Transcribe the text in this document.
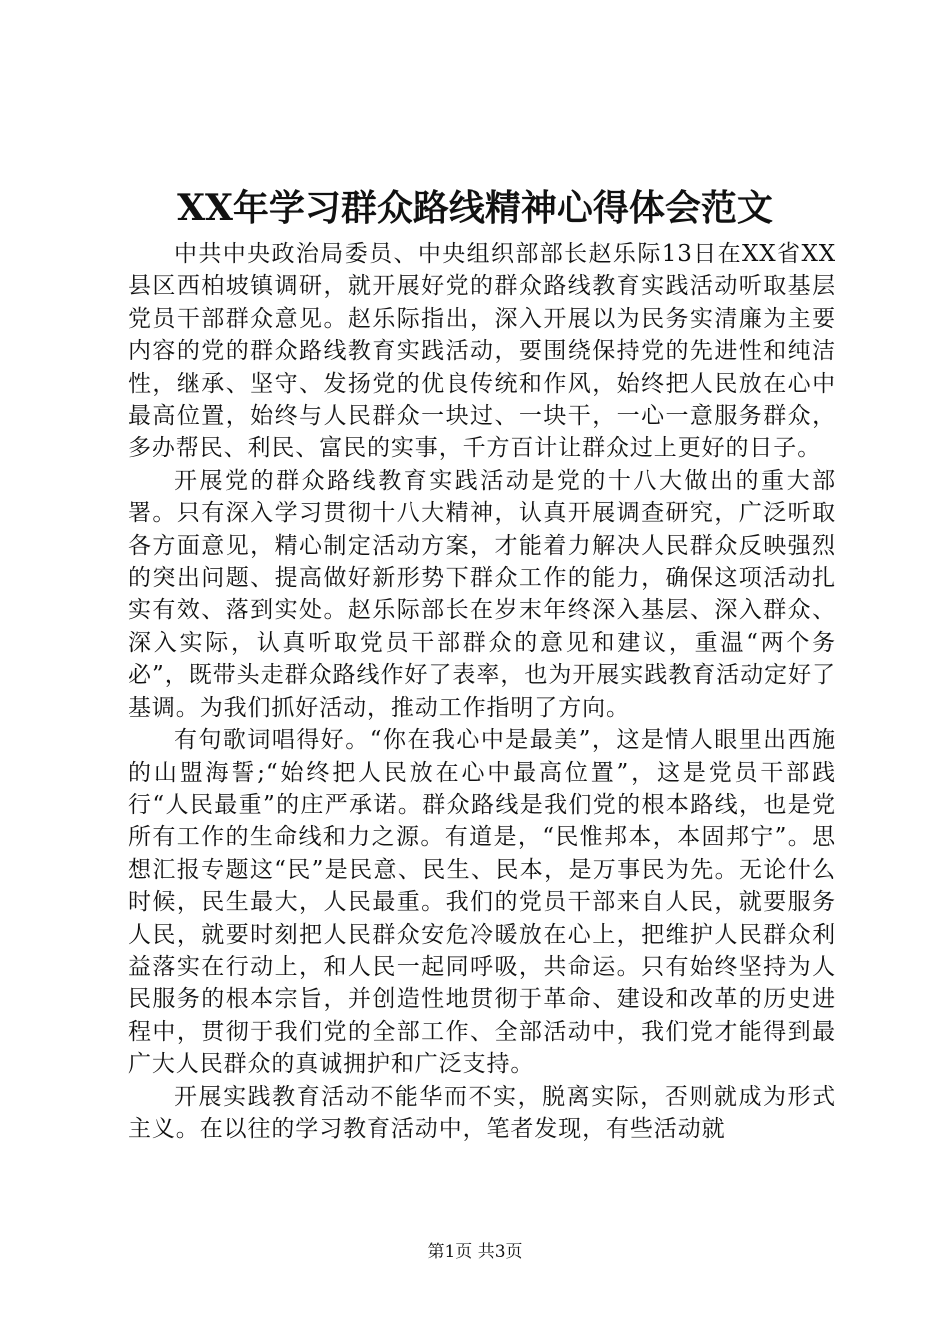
XX年学习群众路线精神心得体会范文

中共中央政治局委员、中央组织部部长赵乐际13日在XX省XX县区西柏坡镇调研，就开展好党的群众路线教育实践活动听取基层党员干部群众意见。赵乐际指出，深入开展以为民务实清廉为主要内容的党的群众路线教育实践活动，要围绕保持党的先进性和纯洁性，继承、坚守、发扬党的优良传统和作风，始终把人民放在心中最高位置，始终与人民群众一块过、一块干，一心一意服务群众，多办帮民、利民、富民的实事，千方百计让群众过上更好的日子。

开展党的群众路线教育实践活动是党的十八大做出的重大部署。只有深入学习贯彻十八大精神，认真开展调查研究，广泛听取各方面意见，精心制定活动方案，才能着力解决人民群众反映强烈的突出问题、提高做好新形势下群众工作的能力，确保这项活动扎实有效、落到实处。赵乐际部长在岁末年终深入基层、深入群众、深入实际，认真听取党员干部群众的意见和建议，重温“两个务必”，既带头走群众路线作好了表率，也为开展实践教育活动定好了基调。为我们抓好活动，推动工作指明了方向。

有句歌词唱得好。“你在我心中是最美”，这是情人眼里出西施的山盟海誓;“始终把人民放在心中最高位置”，这是党员干部践行“人民最重”的庄严承诺。群众路线是我们党的根本路线，也是党所有工作的生命线和力之源。有道是，“民惟邦本，本固邦宁”。思想汇报专题这“民”是民意、民生、民本，是万事民为先。无论什么时候，民生最大，人民最重。我们的党员干部来自人民，就要服务人民，就要时刻把人民群众安危冷暖放在心上，把维护人民群众利益落实在行动上，和人民一起同呼吸，共命运。只有始终坚持为人民服务的根本宗旨，并创造性地贯彻于革命、建设和改革的历史进程中，贯彻于我们党的全部工作、全部活动中，我们党才能得到最广大人民群众的真诚拥护和广泛支持。

开展实践教育活动不能华而不实，脱离实际，否则就成为形式主义。在以往的学习教育活动中，笔者发现，有些活动就

第1页 共3页
